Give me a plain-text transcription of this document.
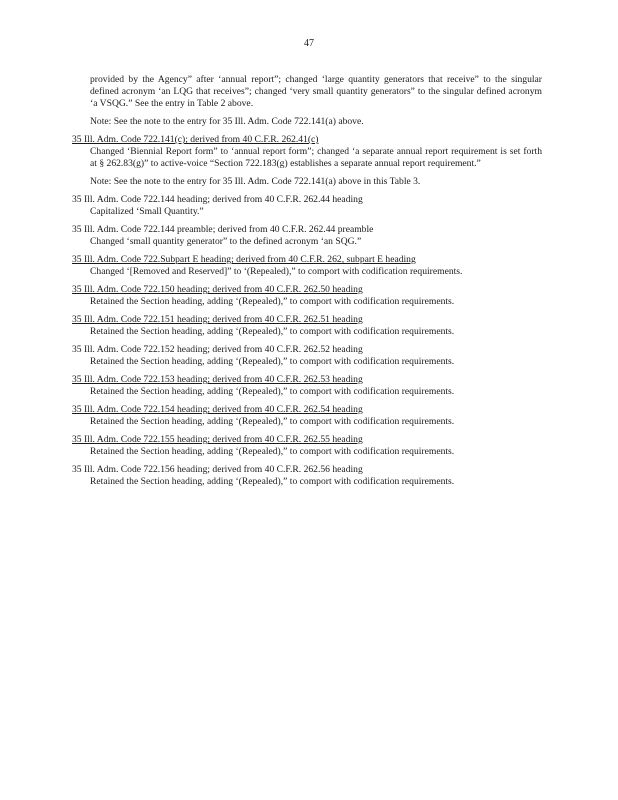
47

provided by the Agency” after ‘annual report”; changed ‘large quantity generators that receive” to the singular defined acronym ‘an LQG that receives”; changed ‘very small quantity generators” to the singular defined acronym ‘a VSQG.” See the entry in Table 2 above.

Note: See the note to the entry for 35 Ill. Adm. Code 722.141(a) above.

35 Ill. Adm. Code 722.141(c); derived from 40 C.F.R. 262.41(c)

Changed ‘Biennial Report form” to ‘annual report form”; changed ‘a separate annual report requirement is set forth at § 262.83(g)” to active-voice “Section 722.183(g) establishes a separate annual report requirement.”

Note: See the note to the entry for 35 Ill. Adm. Code 722.141(a) above in this Table 3.

35 Ill. Adm. Code 722.144 heading; derived from 40 C.F.R. 262.44 heading

Capitalized ‘Small Quantity.”

35 Ill. Adm. Code 722.144 preamble; derived from 40 C.F.R. 262.44 preamble

Changed ‘small quantity generator” to the defined acronym ‘an SQG.”

35 Ill. Adm. Code 722.Subpart E heading; derived from 40 C.F.R. 262, subpart E heading

Changed ‘[Removed and Reserved]” to ‘(Repealed),” to comport with codification requirements.

35 Ill. Adm. Code 722.150 heading; derived from 40 C.F.R. 262.50 heading

Retained the Section heading, adding ‘(Repealed),” to comport with codification requirements.

35 Ill. Adm. Code 722.151 heading; derived from 40 C.F.R. 262.51 heading

Retained the Section heading, adding ‘(Repealed),” to comport with codification requirements.

35 Ill. Adm. Code 722.152 heading; derived from 40 C.F.R. 262.52 heading

Retained the Section heading, adding ‘(Repealed),” to comport with codification requirements.

35 Ill. Adm. Code 722.153 heading; derived from 40 C.F.R. 262.53 heading

Retained the Section heading, adding ‘(Repealed),” to comport with codification requirements.

35 Ill. Adm. Code 722.154 heading; derived from 40 C.F.R. 262.54 heading

Retained the Section heading, adding ‘(Repealed),” to comport with codification requirements.

35 Ill. Adm. Code 722.155 heading; derived from 40 C.F.R. 262.55 heading

Retained the Section heading, adding ‘(Repealed),” to comport with codification requirements.

35 Ill. Adm. Code 722.156 heading; derived from 40 C.F.R. 262.56 heading

Retained the Section heading, adding ‘(Repealed),” to comport with codification requirements.
